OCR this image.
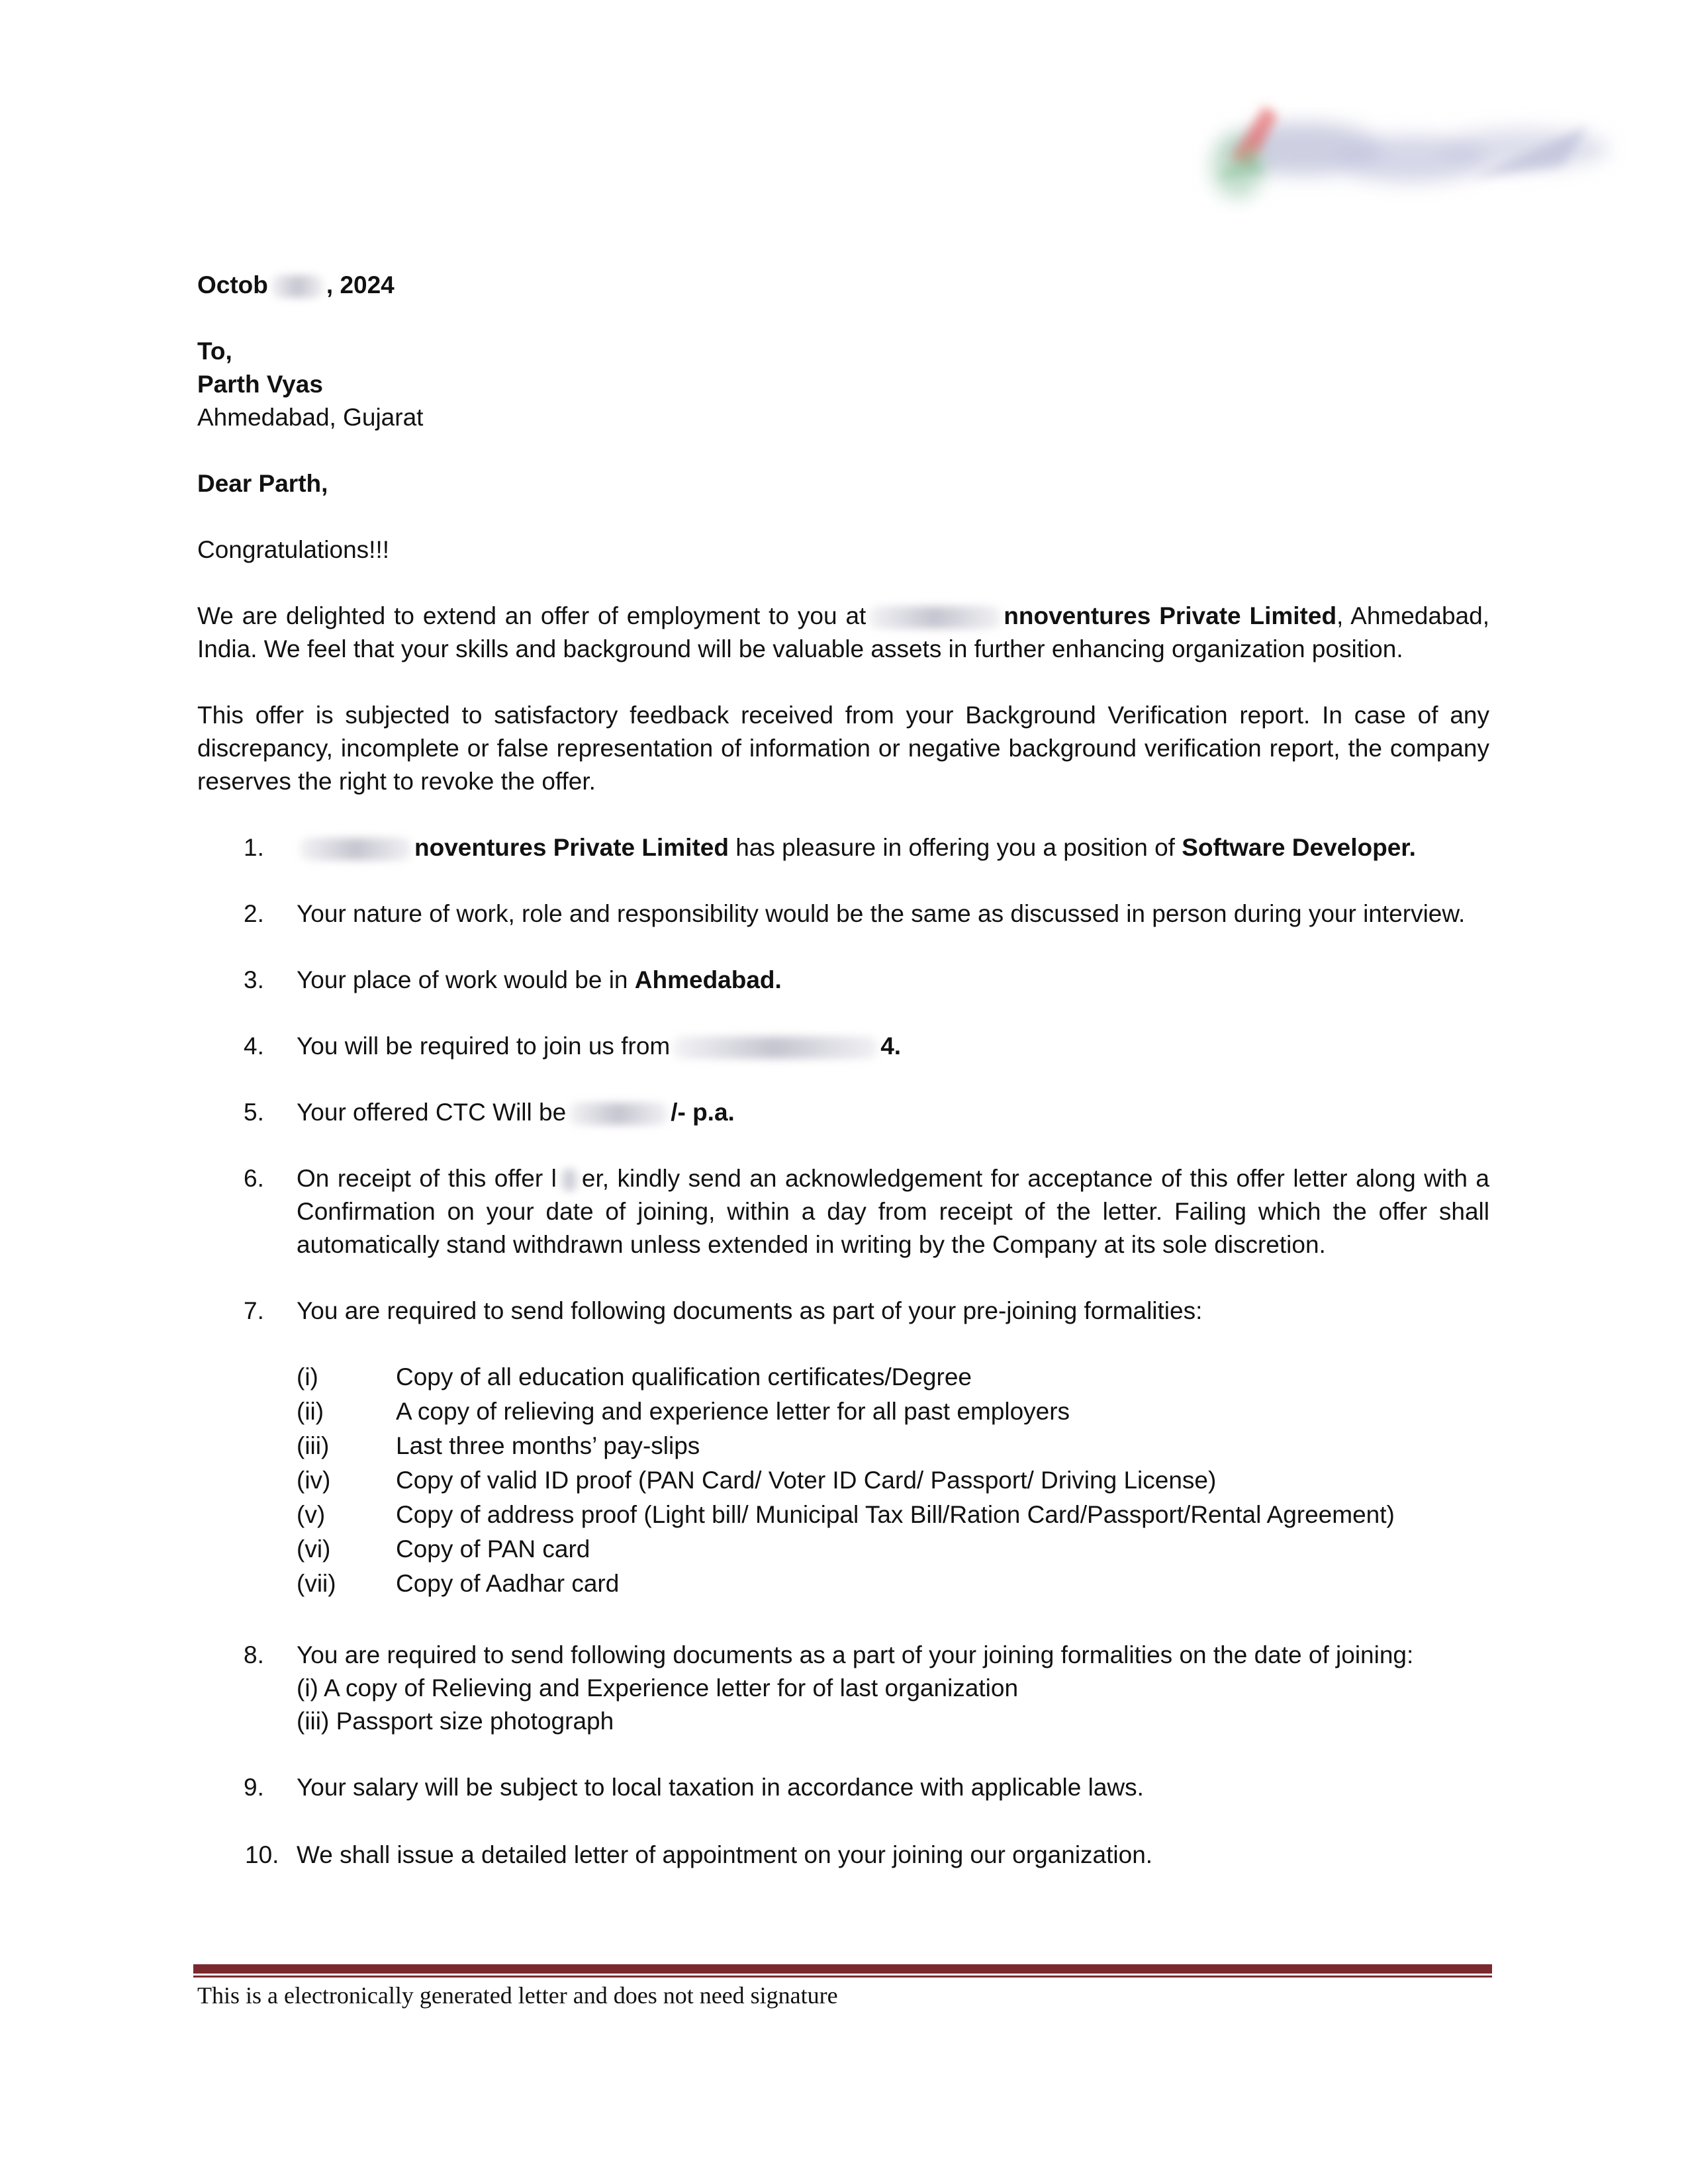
Octob , 2024
To,
Parth Vyas
Ahmedabad, Gujarat
Dear Parth,
Congratulations!!!
We are delighted to extend an offer of employment to you at	nnoventures Private Limited, Ahmedabad, India. We feel that your skills and background will be valuable assets in further enhancing organization position.
This offer is subjected to satisfactory feedback received from your Background Verification report. In case of any discrepancy, incomplete or false representation of information or negative background verification report, the company reserves the right to revoke the offer.
1.	noventures Private Limited has pleasure in offering you a position of Software Developer.
2.	Your nature of work, role and responsibility would be the same as discussed in person during your interview.
3.	Your place of work would be in Ahmedabad.
4.	You will be required to join us from	4.
5.	Your offered CTC Will be	/- p.a.
6.	On receipt of this offer l er, kindly send an acknowledgement for acceptance of this offer letter along with a Confirmation on your date of joining, within a day from receipt of the letter. Failing which the offer shall automatically stand withdrawn unless extended in writing by the Company at its sole discretion.
7.	You are required to send following documents as part of your pre-joining formalities:
(i)	Copy of all education qualification certificates/Degree
(ii)	A copy of relieving and experience letter for all past employers
(iii)	Last three months’ pay-slips
(iv)	Copy of valid ID proof (PAN Card/ Voter ID Card/ Passport/ Driving License)
(v)	Copy of address proof (Light bill/ Municipal Tax Bill/Ration Card/Passport/Rental Agreement)
(vi)	Copy of PAN card
(vii)	Copy of Aadhar card
8.	You are required to send following documents as a part of your joining formalities on the date of joining:
(i) A copy of Relieving and Experience letter for of last organization
(iii) Passport size photograph
9.	Your salary will be subject to local taxation in accordance with applicable laws.
10. We shall issue a detailed letter of appointment on your joining our organization.
This is a electronically generated letter and does not need signature
